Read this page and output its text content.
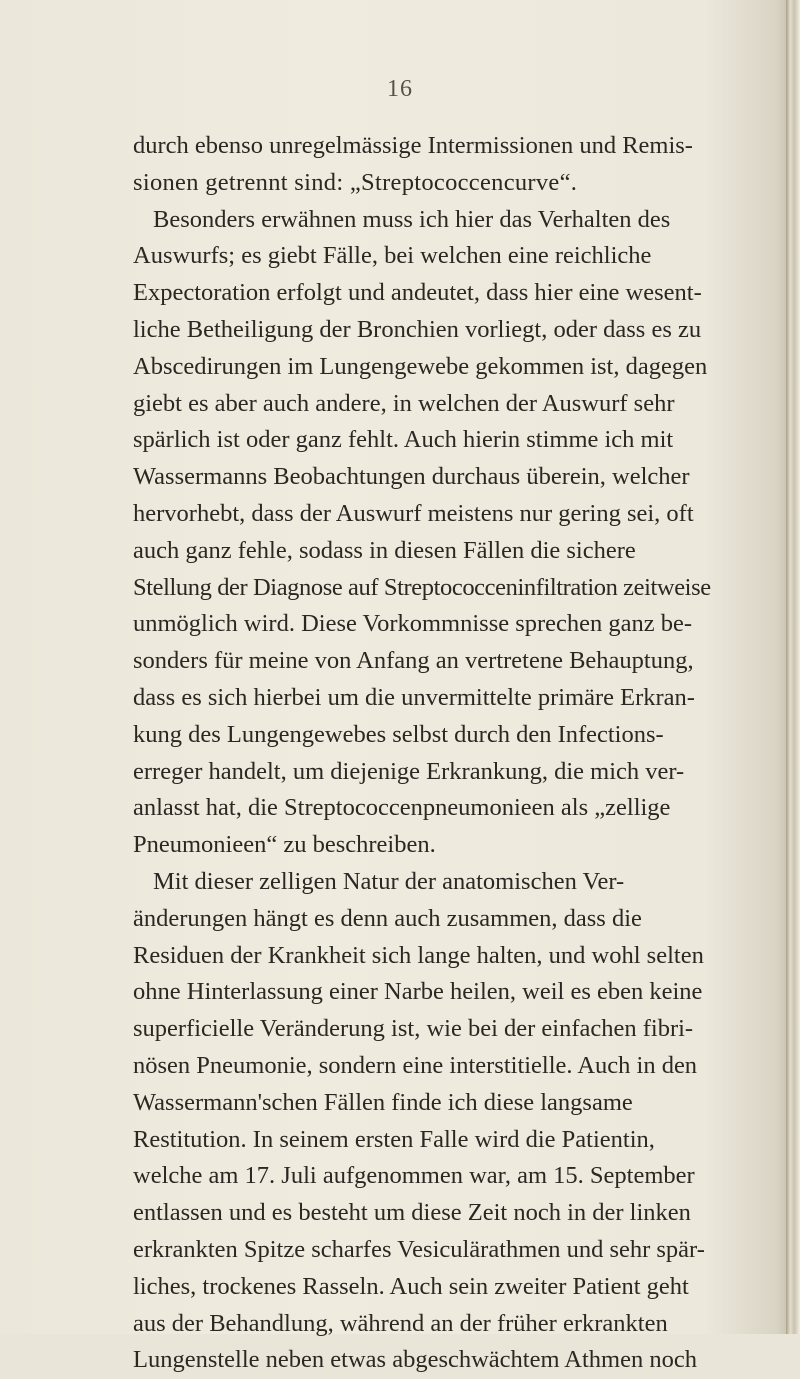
16
durch ebenso unregelmässige Intermissionen und Remis-
sionen getrennt sind: „Streptococcencurve“.
Besonders erwähnen muss ich hier das Verhalten des
Auswurfs; es giebt Fälle, bei welchen eine reichliche
Expectoration erfolgt und andeutet, dass hier eine wesent-
liche Betheiligung der Bronchien vorliegt, oder dass es zu
Abscedirungen im Lungengewebe gekommen ist, dagegen
giebt es aber auch andere, in welchen der Auswurf sehr
spärlich ist oder ganz fehlt. Auch hierin stimme ich mit
Wassermanns Beobachtungen durchaus überein, welcher
hervorhebt, dass der Auswurf meistens nur gering sei, oft
auch ganz fehle, sodass in diesen Fällen die sichere
Stellung der Diagnose auf Streptococceninfiltration zeitweise
unmöglich wird. Diese Vorkommnisse sprechen ganz be-
sonders für meine von Anfang an vertretene Behauptung,
dass es sich hierbei um die unvermittelte primäre Erkran-
kung des Lungengewebes selbst durch den Infections-
erreger handelt, um diejenige Erkrankung, die mich ver-
anlasst hat, die Streptococcenpneumonieen als „zellige
Pneumonieen“ zu beschreiben.
Mit dieser zelligen Natur der anatomischen Ver-
änderungen hängt es denn auch zusammen, dass die
Residuen der Krankheit sich lange halten, und wohl selten
ohne Hinterlassung einer Narbe heilen, weil es eben keine
superficielle Veränderung ist, wie bei der einfachen fibri-
nösen Pneumonie, sondern eine interstitielle. Auch in den
Wassermann'schen Fällen finde ich diese langsame
Restitution. In seinem ersten Falle wird die Patientin,
welche am 17. Juli aufgenommen war, am 15. September
entlassen und es besteht um diese Zeit noch in der linken
erkrankten Spitze scharfes Vesiculärathmen und sehr spär-
liches, trockenes Rasseln. Auch sein zweiter Patient geht
aus der Behandlung, während an der früher erkrankten
Lungenstelle neben etwas abgeschwächtem Athmen noch
